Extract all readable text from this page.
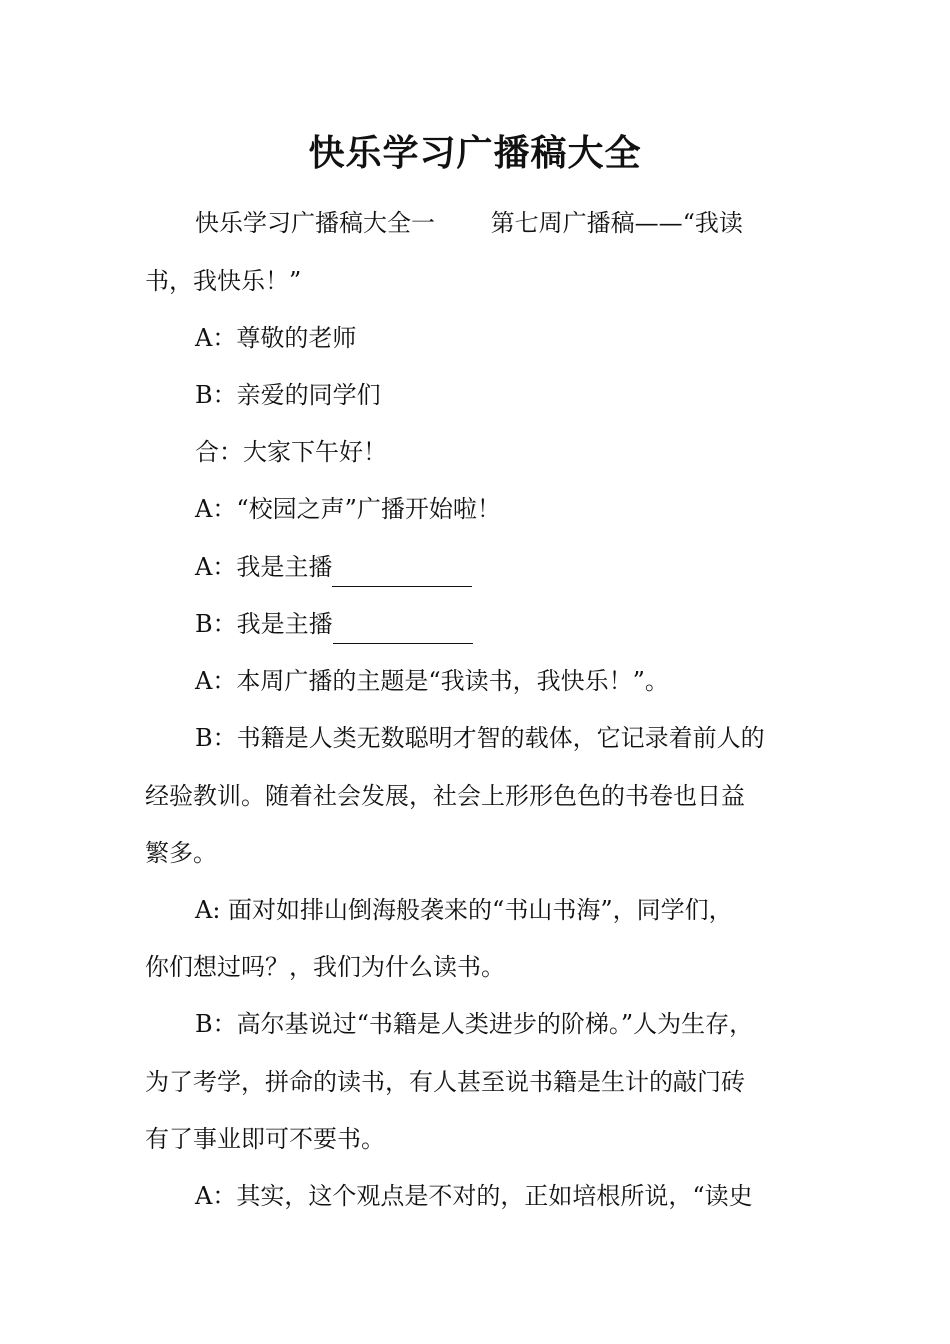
快乐学习广播稿大全
快乐学习广播稿大全一　　 第七周广播稿——“我读
书，我快乐！”
A：尊敬的老师
B：亲爱的同学们
合：大家下午好！
A：“校园之声”广播开始啦！
A：我是主播
B：我是主播
A：本周广播的主题是“我读书，我快乐！”。
B：书籍是人类无数聪明才智的载体，它记录着前人的
经验教训。随着社会发展，社会上形形色色的书卷也日益
繁多。
A: 面对如排山倒海般袭来的“书山书海”，同学们，
你们想过吗？，我们为什么读书。
B：高尔基说过“书籍是人类进步的阶梯。”人为生存，
为了考学，拼命的读书，有人甚至说书籍是生计的敲门砖
有了事业即可不要书。
A：其实，这个观点是不对的，正如培根所说，“读史
